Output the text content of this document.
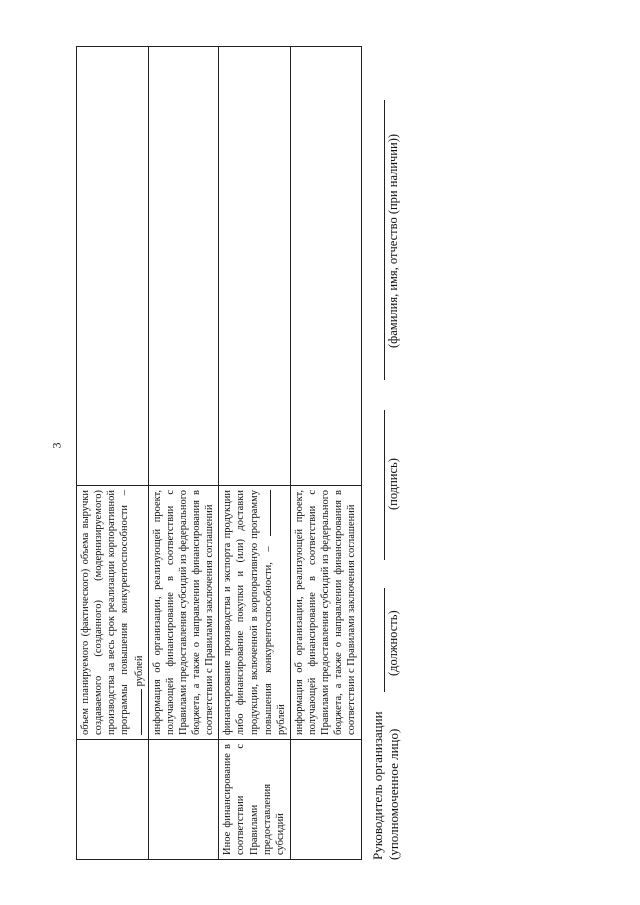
3
	объем планируемого (фактического) объема выручки создаваемого (созданного) (модернизируемого) производства за весь срок реализации корпоративной программы повышения конкурентоспособности – рублей	
	информация об организации, реализующей проект, получающей финансирование в соответствии с Правилами предоставления субсидий из федерального бюджета, а также о направлении финансирования в соответствии с Правилами заключения соглашений	
Иное финансирование в соответствии с Правилами предоставления субсидий	финансирование производства и экспорта продукции либо финансирование покупки и (или) доставки продукции, включенной в корпоративную программу повышения конкурентоспособности, – рублей	
	информация об организации, реализующей проект, получающей финансирование в соответствии с Правилами предоставления субсидий из федерального бюджета, а также о направлении финансирования в соответствии с Правилами заключения соглашений	
Руководитель организации (уполномоченное лицо)
(должность)
(подпись)
(фамилия, имя, отчество (при наличии))
